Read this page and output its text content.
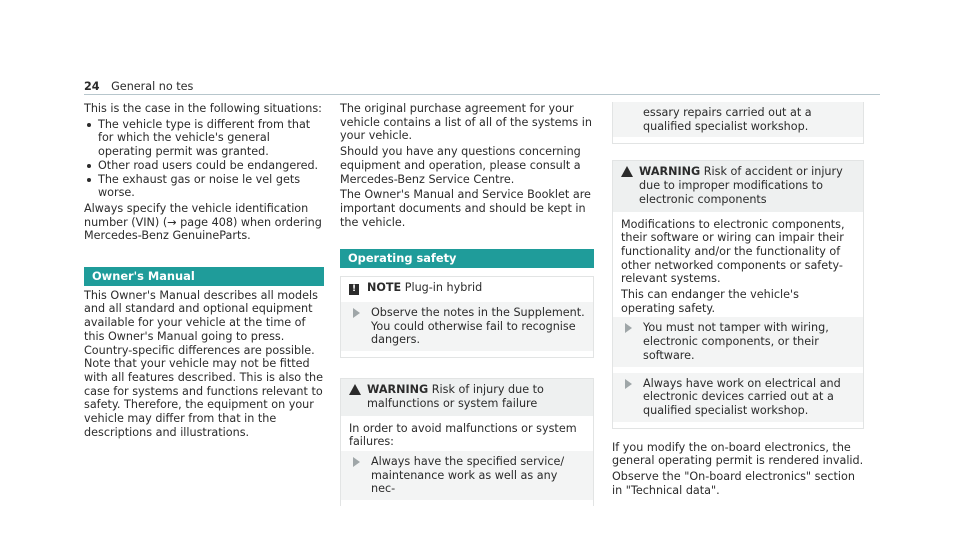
24 General no tes

This is the case in the following situations:

The vehicle type is different from that for which the vehicle's general operating permit was granted.
Other road users could be endangered.
The exhaust gas or noise le vel gets worse.

Always specify the vehicle identification number (VIN) (→ page 408) when ordering Mercedes-Benz GenuineParts.

Owner's Manual

This Owner's Manual describes all models and all standard and optional equipment available for your vehicle at the time of this Owner's Manual going to press. Country-specific differences are possible. Note that your vehicle may not be fitted with all features described. This is also the case for systems and functions relevant to safety. Therefore, the equipment on your vehicle may differ from that in the descriptions and illustrations.

The original purchase agreement for your vehicle contains a list of all of the systems in your vehicle.

Should you have any questions concerning equipment and operation, please consult a Mercedes-Benz Service Centre.

The Owner's Manual and Service Booklet are important documents and should be kept in the vehicle.

Operating safety
! NOTE Plug-in hybrid
Observe the notes in the Supplement. You could otherwise fail to recognise dangers.
WARNING Risk of injury due to malfunctions or system failure

In order to avoid malfunctions or system failures:

Always have the specified service/ maintenance work as well as any nec-
essary repairs carried out at a qualified specialist workshop.
WARNING Risk of accident or injury due to improper modifications to electronic components

Modifications to electronic components, their software or wiring can impair their functionality and/or the functionality of other networked components or safety-relevant systems.

This can endanger the vehicle's operating safety.

You must not tamper with wiring, electronic components, or their software.
Always have work on electrical and electronic devices carried out at a qualified specialist workshop.

If you modify the on-board electronics, the general operating permit is rendered invalid.

Observe the "On-board electronics" section in "Technical data".
